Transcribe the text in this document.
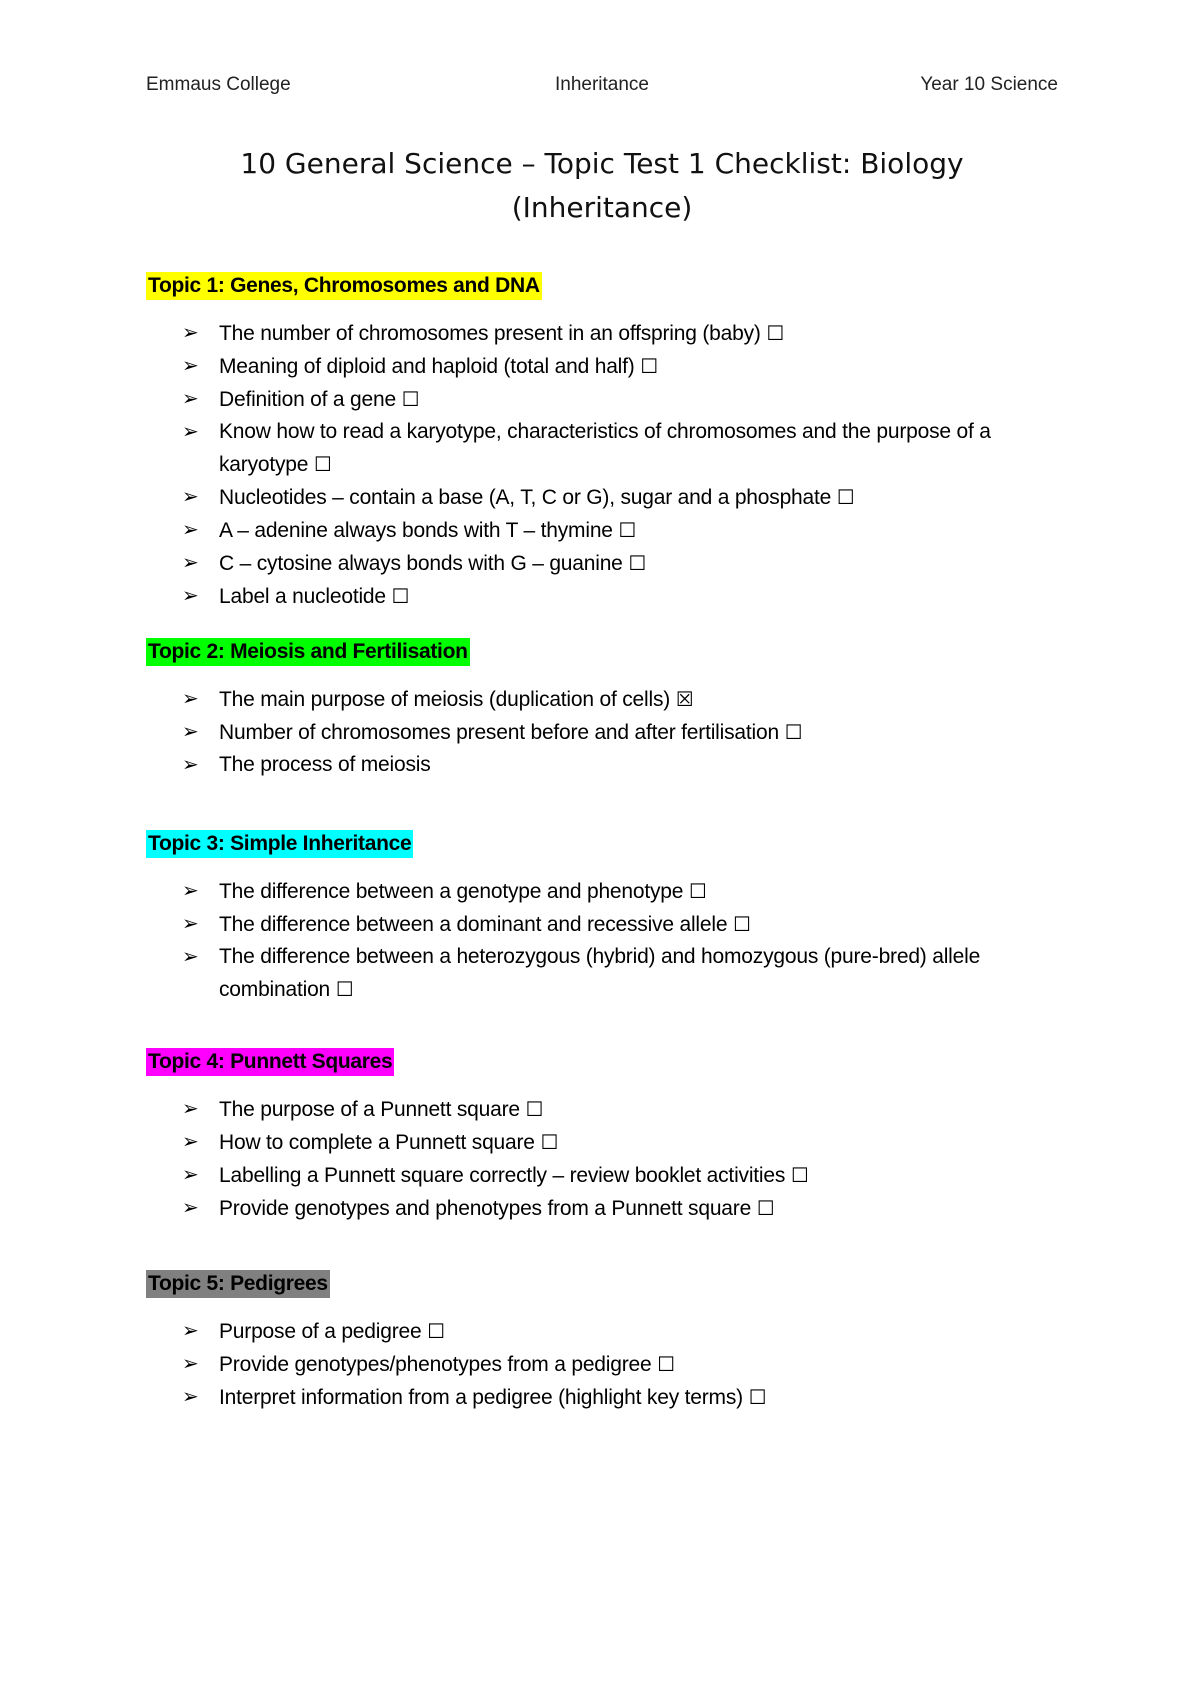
Emmaus College	Inheritance	Year 10 Science
10 General Science – Topic Test 1 Checklist: Biology (Inheritance)
Topic 1: Genes, Chromosomes and DNA
➢ The number of chromosomes present in an offspring (baby) ☐
➢ Meaning of diploid and haploid (total and half) ☐
➢ Definition of a gene ☐
➢ Know how to read a karyotype, characteristics of chromosomes and the purpose of a karyotype ☐
➢ Nucleotides – contain a base (A, T, C or G), sugar and a phosphate ☐
➢ A – adenine always bonds with T – thymine ☐
➢ C – cytosine always bonds with G – guanine ☐
➢ Label a nucleotide ☐
Topic 2: Meiosis and Fertilisation
➢ The main purpose of meiosis (duplication of cells) ☒
➢ Number of chromosomes present before and after fertilisation ☐
➢ The process of meiosis
Topic 3: Simple Inheritance
➢ The difference between a genotype and phenotype ☐
➢ The difference between a dominant and recessive allele ☐
➢ The difference between a heterozygous (hybrid) and homozygous (pure-bred) allele combination ☐
Topic 4: Punnett Squares
➢ The purpose of a Punnett square ☐
➢ How to complete a Punnett square ☐
➢ Labelling a Punnett square correctly – review booklet activities ☐
➢ Provide genotypes and phenotypes from a Punnett square ☐
Topic 5: Pedigrees
➢ Purpose of a pedigree ☐
➢ Provide genotypes/phenotypes from a pedigree ☐
➢ Interpret information from a pedigree (highlight key terms) ☐
